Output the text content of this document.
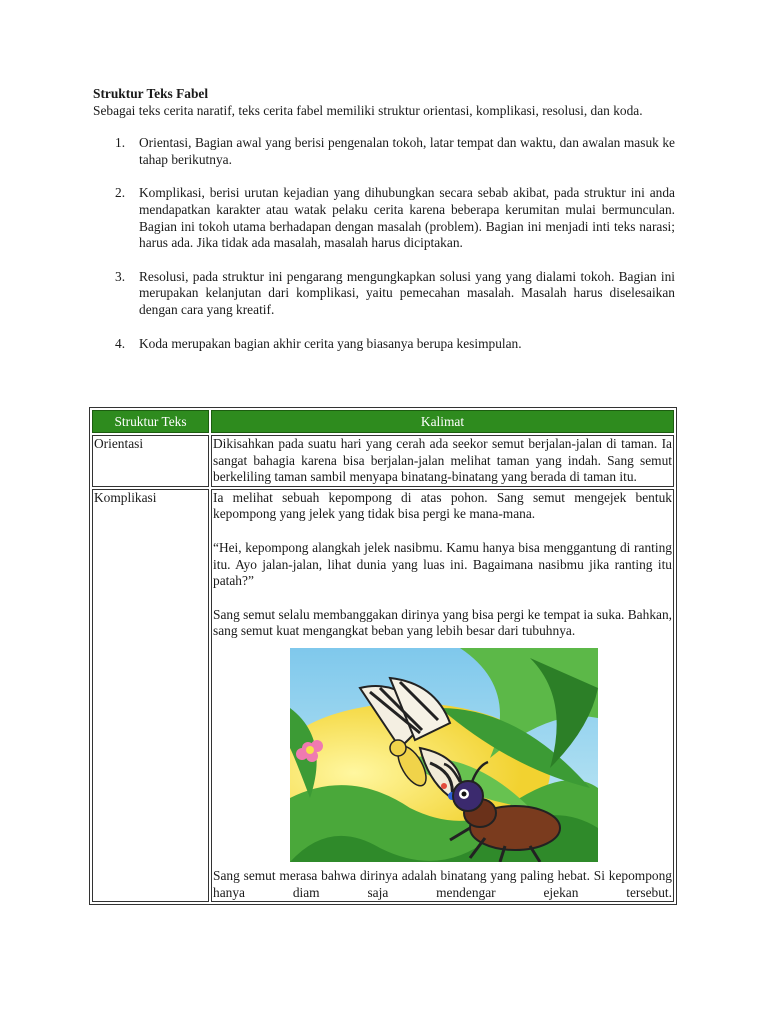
Struktur Teks Fabel

Sebagai teks cerita naratif, teks cerita fabel memiliki struktur orientasi, komplikasi, resolusi, dan koda.

1. Orientasi, Bagian awal yang berisi pengenalan tokoh, latar tempat dan waktu, dan awalan masuk ke tahap berikutnya.
2. Komplikasi, berisi urutan kejadian yang dihubungkan secara sebab akibat, pada struktur ini anda mendapatkan karakter atau watak pelaku cerita karena beberapa kerumitan mulai bermunculan. Bagian ini tokoh utama berhadapan dengan masalah (problem). Bagian ini menjadi inti teks narasi; harus ada. Jika tidak ada masalah, masalah harus diciptakan.
3. Resolusi, pada struktur ini pengarang mengungkapkan solusi yang yang dialami tokoh. Bagian ini merupakan kelanjutan dari komplikasi, yaitu pemecahan masalah. Masalah harus diselesaikan dengan cara yang kreatif.
4. Koda merupakan bagian akhir cerita yang biasanya berupa kesimpulan.
Struktur Teks	Kalimat
Orientasi	Dikisahkan pada suatu hari yang cerah ada seekor semut berjalan-jalan di taman. Ia sangat bahagia karena bisa berjalan-jalan melihat taman yang indah. Sang semut berkeliling taman sambil menyapa binatang-binatang yang berada di taman itu.

Komplikasi	Ia melihat sebuah kepompong di atas pohon. Sang semut mengejek bentuk kepompong yang jelek yang tidak bisa pergi ke mana-mana.

“Hei, kepompong alangkah jelek nasibmu. Kamu hanya bisa menggantung di ranting itu. Ayo jalan-jalan, lihat dunia yang luas ini. Bagaimana nasibmu jika ranting itu patah?”

Sang semut selalu membanggakan dirinya yang bisa pergi ke tempat ia suka. Bahkan, sang semut kuat mengangkat beban yang lebih besar dari tubuhnya.

Sang semut merasa bahwa dirinya adalah binatang yang paling hebat. Si kepompong hanya diam saja mendengar ejekan tersebut.
